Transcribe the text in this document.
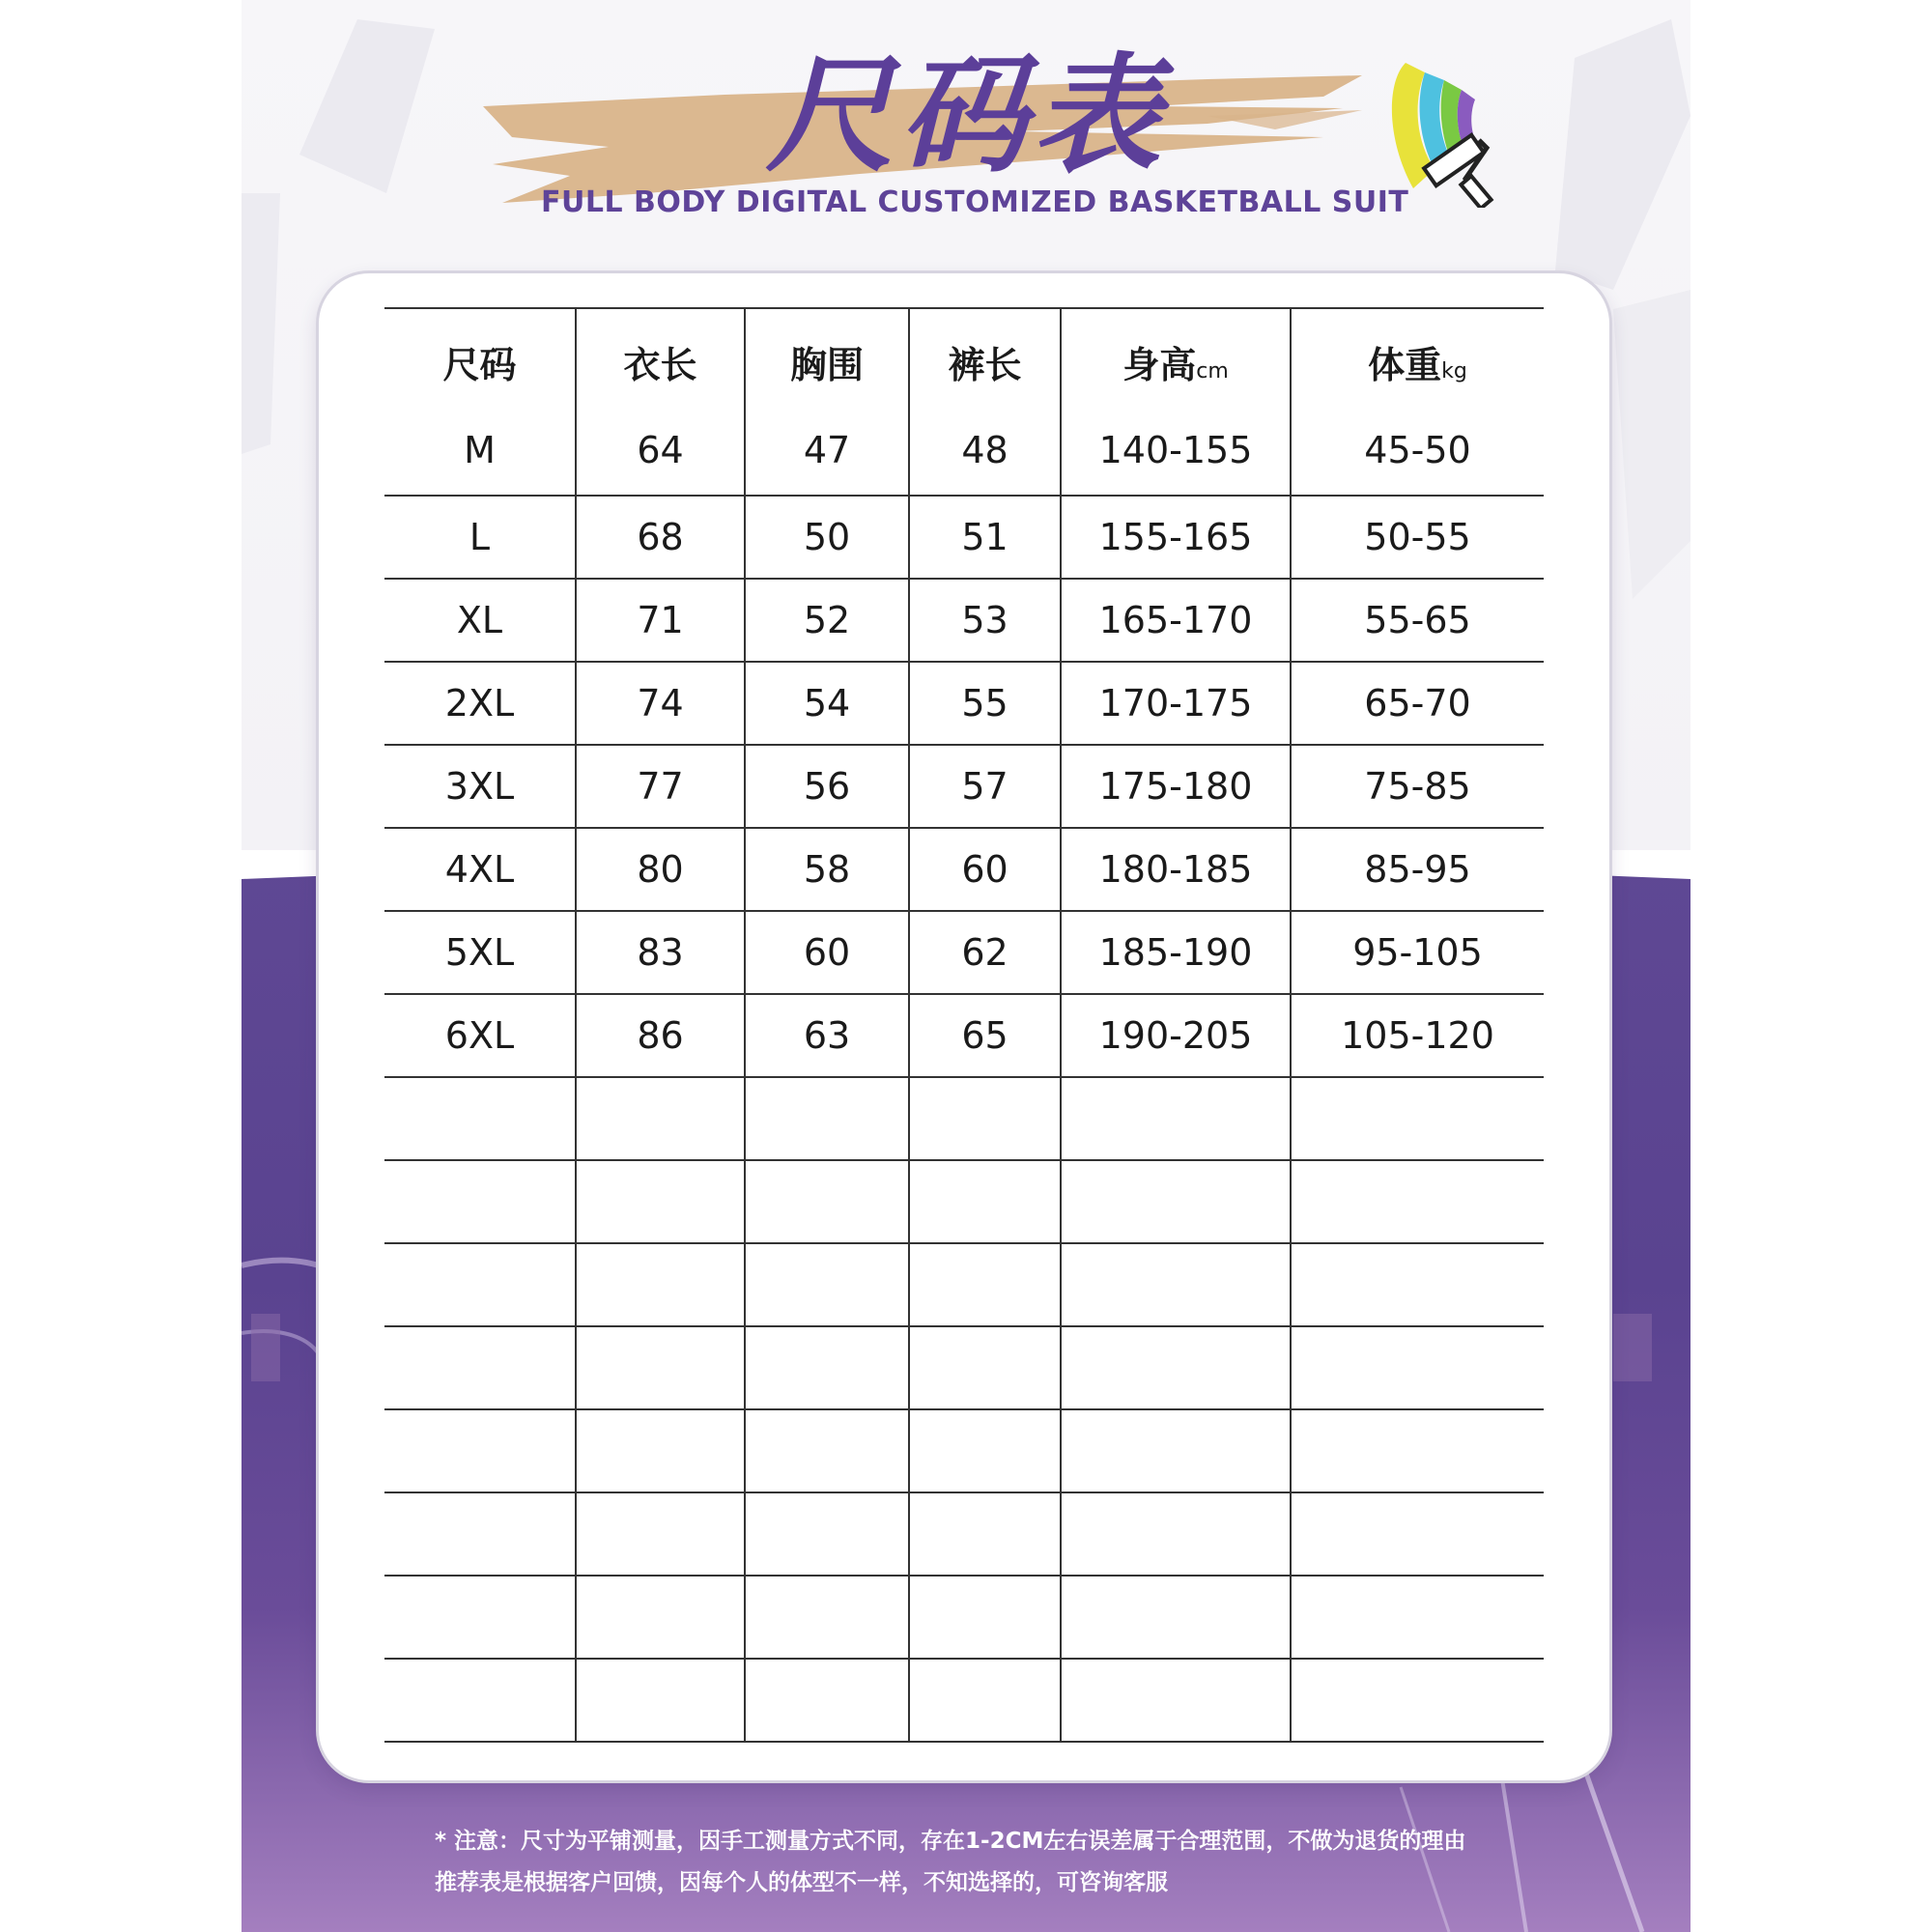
尺码表
FULL BODY DIGITAL CUSTOMIZED BASKETBALL SUIT
尺码	衣长	胸围	裤长	身高cm	体重kg
M	64	47	48	140-155	45-50
L	68	50	51	155-165	50-55
XL	71	52	53	165-170	55-65
2XL	74	54	55	170-175	65-70
3XL	77	56	57	175-180	75-85
4XL	80	58	60	180-185	85-95
5XL	83	60	62	185-190	95-105
6XL	86	63	65	190-205	105-120

* 注意：尺寸为平铺测量，因手工测量方式不同，存在1-2CM左右误差属于合理范围，不做为退货的理由
推荐表是根据客户回馈，因每个人的体型不一样，不知选择的，可咨询客服
